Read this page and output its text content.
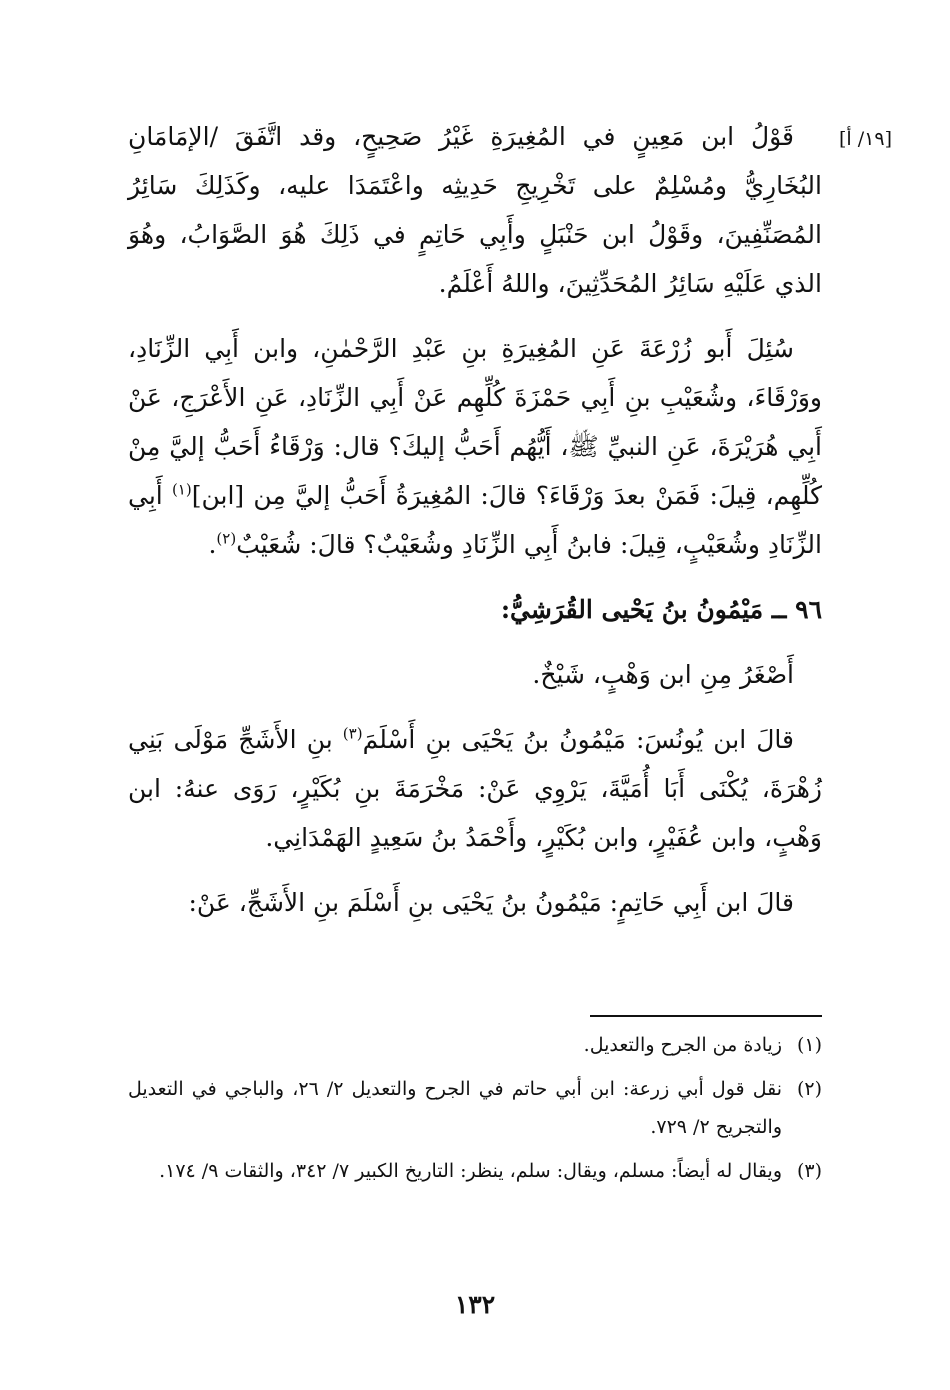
[١٩/ أ]

قَوْلُ ابن مَعِينٍ في المُغِيرَةِ غَيْرُ صَحِيحٍ، وقد اتَّفَقَ /الإمَامَانِ البُخَارِيُّ ومُسْلِمٌ على تَخْرِيجِ حَدِيثِه واعْتَمَدَا عليه، وكَذَلِكَ سَائِرُ المُصَنِّفِينَ، وقَوْلُ ابن حَنْبَلٍ وأَبِي حَاتِمٍ في ذَلِكَ هُوَ الصَّوَابُ، وهُوَ الذي عَلَيْهِ سَائِرُ المُحَدِّثِينَ، واللهُ أَعْلَمُ.

سُئِلَ أَبو زُرْعَةَ عَنِ المُغِيرَةِ بنِ عَبْدِ الرَّحْمٰنِ، وابن أَبِي الزِّنَادِ، ووَرْقَاءَ، وشُعَيْبِ بنِ أَبِي حَمْزَةَ كُلِّهِم عَنْ أَبِي الزِّنَادِ، عَنِ الأَعْرَجِ، عَنْ أَبِي هُرَيْرَةَ، عَنِ النبيِّ ﷺ، أَيُّهُم أَحَبُّ إليكَ؟ قال: وَرْقَاءُ أَحَبُّ إليَّ مِنْ كُلِّهِم، قِيلَ: فَمَنْ بعدَ وَرْقَاءَ؟ قالَ: المُغِيرَةُ أَحَبُّ إليَّ مِن [ابن]$^{(١)}$ أَبِي الزِّنَادِ وشُعَيْبٍ، قِيلَ: فابنُ أَبِي الزِّنَادِ وشُعَيْبٌ؟ قالَ: شُعَيْبٌ$^{(٢)}$.

٩٦ ــ مَيْمُونُ بنُ يَحْيى القُرَشِيُّ:

أَصْغَرُ مِنِ ابن وَهْبٍ، شَيْخٌ.

قالَ ابن يُونُسَ: مَيْمُونُ بنُ يَحْيَى بنِ أَسْلَمَ$^{(٣)}$ بنِ الأَشَجِّ مَوْلَى بَنِي زُهْرَةَ، يُكْنَى أَبَا أُمَيَّةَ، يَرْوِي عَنْ: مَخْرَمَةَ بنِ بُكَيْرٍ، رَوَى عنهُ: ابن وَهْبٍ، وابن عُفَيْرٍ، وابن بُكَيْرٍ، وأَحْمَدُ بنُ سَعِيدٍ الهَمْدَانِي.

قالَ ابن أَبِي حَاتِمٍ: مَيْمُونُ بنُ يَحْيَى بنِ أَسْلَمَ بنِ الأَشَجِّ، عَنْ:

(١)
زيادة من الجرح والتعديل.
(٢)
نقل قول أبي زرعة: ابن أبي حاتم في الجرح والتعديل ٢/ ٢٦، والباجي في التعديل والتجريح ٢/ ٧٢٩.
(٣)
ويقال له أيضاً: مسلم، ويقال: سلم، ينظر: التاريخ الكبير ٧/ ٣٤٢، والثقات ٩/ ١٧٤.
١٣٢
